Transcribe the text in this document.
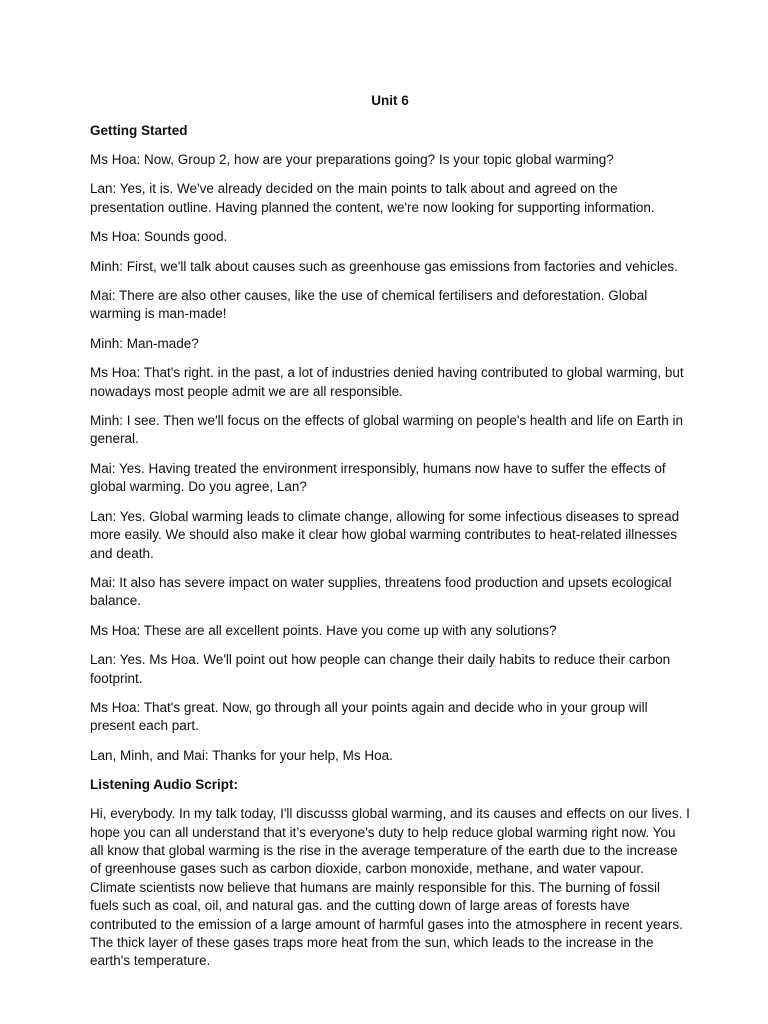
Unit 6
Getting Started

Ms Hoa: Now, Group 2, how are your preparations going? Is your topic global warming?

Lan: Yes, it is. We've already decided on the main points to talk about and agreed on the presentation outline. Having planned the content, we're now looking for supporting information.

Ms Hoa: Sounds good.

Minh: First, we'll talk about causes such as greenhouse gas emissions from factories and vehicles.

Mai: There are also other causes, like the use of chemical fertilisers and deforestation. Global warming is man-made!

Minh: Man-made?

Ms Hoa: That's right. in the past, a lot of industries denied having contributed to global warming, but nowadays most people admit we are all responsible.

Minh: I see. Then we'll focus on the effects of global warming on people's health and life on Earth in general.

Mai: Yes. Having treated the environment irresponsibly, humans now have to suffer the effects of global warming. Do you agree, Lan?

Lan: Yes. Global warming leads to climate change, allowing for some infectious diseases to spread more easily. We should also make it clear how global warming contributes to heat-related illnesses and death.

Mai: It also has severe impact on water supplies, threatens food production and upsets ecological balance.

Ms Hoa: These are all excellent points. Have you come up with any solutions?

Lan: Yes. Ms Hoa. We'll point out how people can change their daily habits to reduce their carbon footprint.

Ms Hoa: That's great. Now, go through all your points again and decide who in your group will present each part.

Lan, Minh, and Mai: Thanks for your help, Ms Hoa.

Listening Audio Script:

Hi, everybody. In my talk today, I'll discusss global warming, and its causes and effects on our lives. I hope you can all understand that it’s everyone's duty to help reduce global warming right now. You all know that global warming is the rise in the average temperature of the earth due to the increase of greenhouse gases such as carbon dioxide, carbon monoxide, methane, and water vapour. Climate scientists now believe that humans are mainly responsible for this. The burning of fossil fuels such as coal, oil, and natural gas. and the cutting down of large areas of forests have contributed to the emission of a large amount of harmful gases into the atmosphere in recent years. The thick layer of these gases traps more heat from the sun, which leads to the increase in the earth's temperature.
